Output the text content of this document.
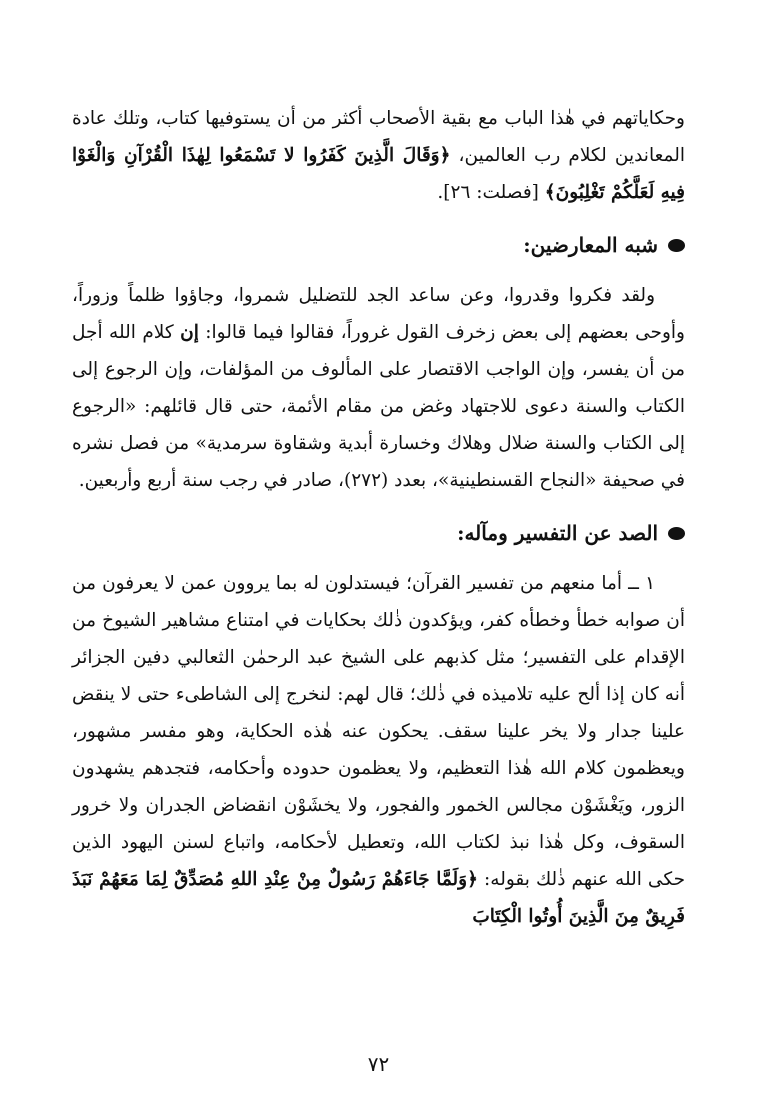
وحكاياتهم في هٰذا الباب مع بقية الأصحاب أكثر من أن يستوفيها كتاب، وتلك عادة المعاندين لكلام رب العالمين، ﴿وَقَالَ الَّذِينَ كَفَرُوا لا تَسْمَعُوا لِهٰذَا الْقُرْآنِ وَالْغَوْا فِيهِ لَعَلَّكُمْ تَغْلِبُونَ﴾ [فصلت: ٢٦].

شبه المعارضين:

ولقد فكروا وقدروا، وعن ساعد الجد للتضليل شمروا، وجاؤوا ظلماً وزوراً، وأوحى بعضهم إلى بعض زخرف القول غروراً، فقالوا فيما قالوا: إن كلام الله أجل من أن يفسر، وإن الواجب الاقتصار على المألوف من المؤلفات، وإن الرجوع إلى الكتاب والسنة دعوى للاجتهاد وغض من مقام الأئمة، حتى قال قائلهم: «الرجوع إلى الكتاب والسنة ضلال وهلاك وخسارة أبدية وشقاوة سرمدية» من فصل نشره في صحيفة «النجاح القسنطينية»، بعدد (٢٧٢)، صادر في رجب سنة أربع وأربعين.

الصد عن التفسير ومآله:

١ ــ أما منعهم من تفسير القرآن؛ فيستدلون له بما يروون عمن لا يعرفون من أن صوابه خطأ وخطأه كفر، ويؤكدون ذٰلك بحكايات في امتناع مشاهير الشيوخ من الإقدام على التفسير؛ مثل كذبهم على الشيخ عبد الرحمٰن الثعالبي دفين الجزائر أنه كان إذا ألح عليه تلاميذه في ذٰلك؛ قال لهم: لنخرج إلى الشاطىء حتى لا ينقض علينا جدار ولا يخر علينا سقف. يحكون عنه هٰذه الحكاية، وهو مفسر مشهور، ويعظمون كلام الله هٰذا التعظيم، ولا يعظمون حدوده وأحكامه، فتجدهم يشهدون الزور، ويَغْشَوْن مجالس الخمور والفجور، ولا يخشَوْن انقضاض الجدران ولا خرور السقوف، وكل هٰذا نبذ لكتاب الله، وتعطيل لأحكامه، واتباع لسنن اليهود الذين حكى الله عنهم ذٰلك بقوله: ﴿وَلَمَّا جَاءَهُمْ رَسُولٌ مِنْ عِنْدِ اللهِ مُصَدِّقٌ لِمَا مَعَهُمْ نَبَذَ فَرِيقٌ مِنَ الَّذِينَ أُوتُوا الْكِتَابَ

٧٢
